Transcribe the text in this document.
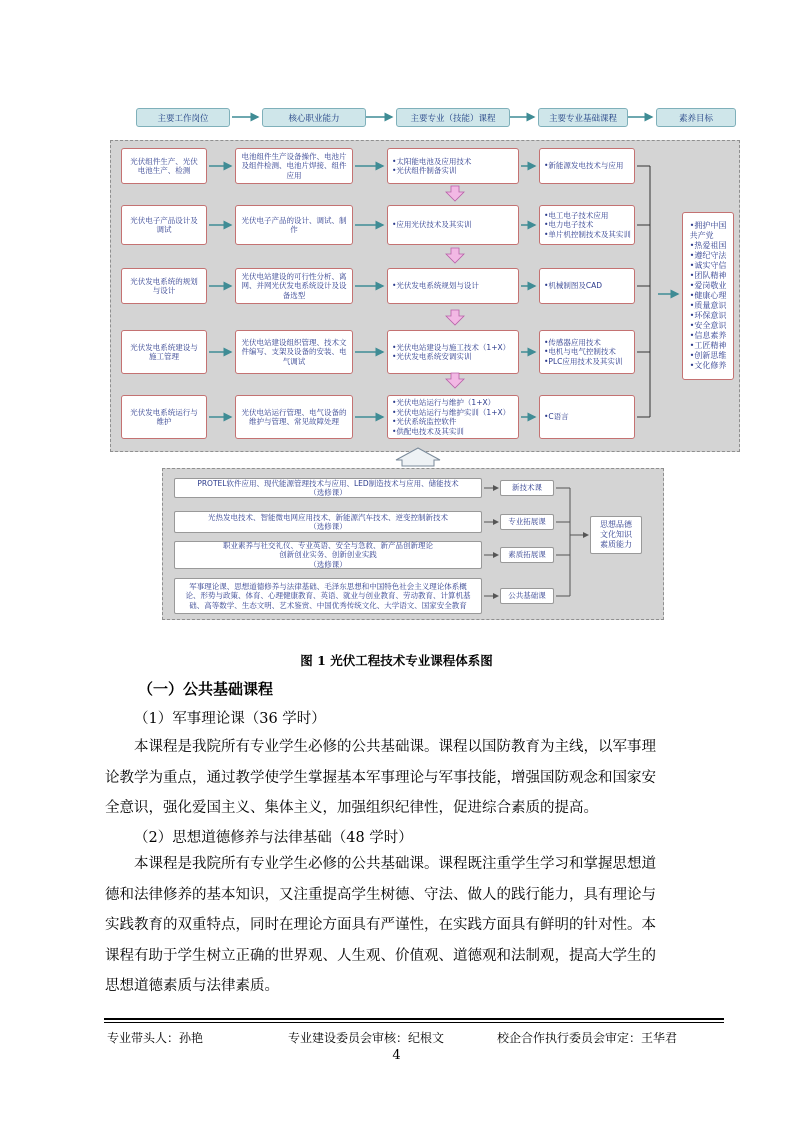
主要工作岗位	核心职业能力	主要专业（技能）课程	主要专业基础课程	素养目标
光伏组件生产、光伏
电池生产、检测
电池组件生产设备操作、电池片
及组件检测、电池片焊接、组件
应用
•太阳能电池及应用技术
•光伏组件制备实训
•新能源发电技术与应用
光伏电子产品设计及
调试
光伏电子产品的设计、调试、制
作
•应用光伏技术及其实训
•电工电子技术应用
•电力电子技术
•单片机控制技术及其实训
光伏发电系统的规划
与设计
光伏电站建设的可行性分析、离
网、并网光伏发电系统设计及设
备选型
•光伏发电系统规划与设计	•机械制图及CAD
光伏发电系统建设与
施工管理
光伏电站建设组织管理、技术文
件编写、支架及设备的安装、电
气调试
•光伏电站建设与施工技术（1+X）
•光伏发电系统安调实训
•传感器应用技术
•电机与电气控制技术
•PLC应用技术及其实训
光伏发电系统运行与
维护
光伏电站运行管理、电气设备的
维护与管理、常见故障处理
•光伏电站运行与维护（1+X）
•光伏电站运行与维护实训（1+X）
•光伏系统监控软件
•供配电技术及其实训
•C语言
•拥护中国
共产党
•热爱祖国
•遵纪守法
•诚实守信
•团队精神
•爱岗敬业
•健康心理
•质量意识
•环保意识
•安全意识
•信息素养
•工匠精神
•创新思维
•文化修养
PROTEL软件应用、现代能源管理技术与应用、LED制造技术与应用、储能技术
（选修课）
新技术课
光热发电技术、智能微电网应用技术、新能源汽车技术、逆变控制新技术
（选修课）
专业拓展课
职业素养与社交礼仪、专业英语、安全与急救、新产品创新理论
创新创业实务、创新创业实践
（选修课）
素质拓展课
军事理论课、思想道德修养与法律基础、毛泽东思想和中国特色社会主义理论体系概
论、形势与政策、体育、心理健康教育、英语、就业与创业教育、劳动教育、计算机基
础、高等数学、生态文明、艺术鉴赏、中国优秀传统文化、大学语文、国家安全教育
公共基础课
思想品德
文化知识
素质能力
图 1 光伏工程技术专业课程体系图
（一）公共基础课程
（1）军事理论课（36 学时）
本课程是我院所有专业学生必修的公共基础课。课程以国防教育为主线，以军事理
论教学为重点，通过教学使学生掌握基本军事理论与军事技能，增强国防观念和国家安
全意识，强化爱国主义、集体主义，加强组织纪律性，促进综合素质的提高。
（2）思想道德修养与法律基础（48 学时）
本课程是我院所有专业学生必修的公共基础课。课程既注重学生学习和掌握思想道
德和法律修养的基本知识，又注重提高学生树德、守法、做人的践行能力，具有理论与
实践教育的双重特点，同时在理论方面具有严谨性，在实践方面具有鲜明的针对性。本
课程有助于学生树立正确的世界观、人生观、价值观、道德观和法制观，提高大学生的
思想道德素质与法律素质。
专业带头人：孙艳	专业建设委员会审核：纪根文	校企合作执行委员会审定：王华君
4
